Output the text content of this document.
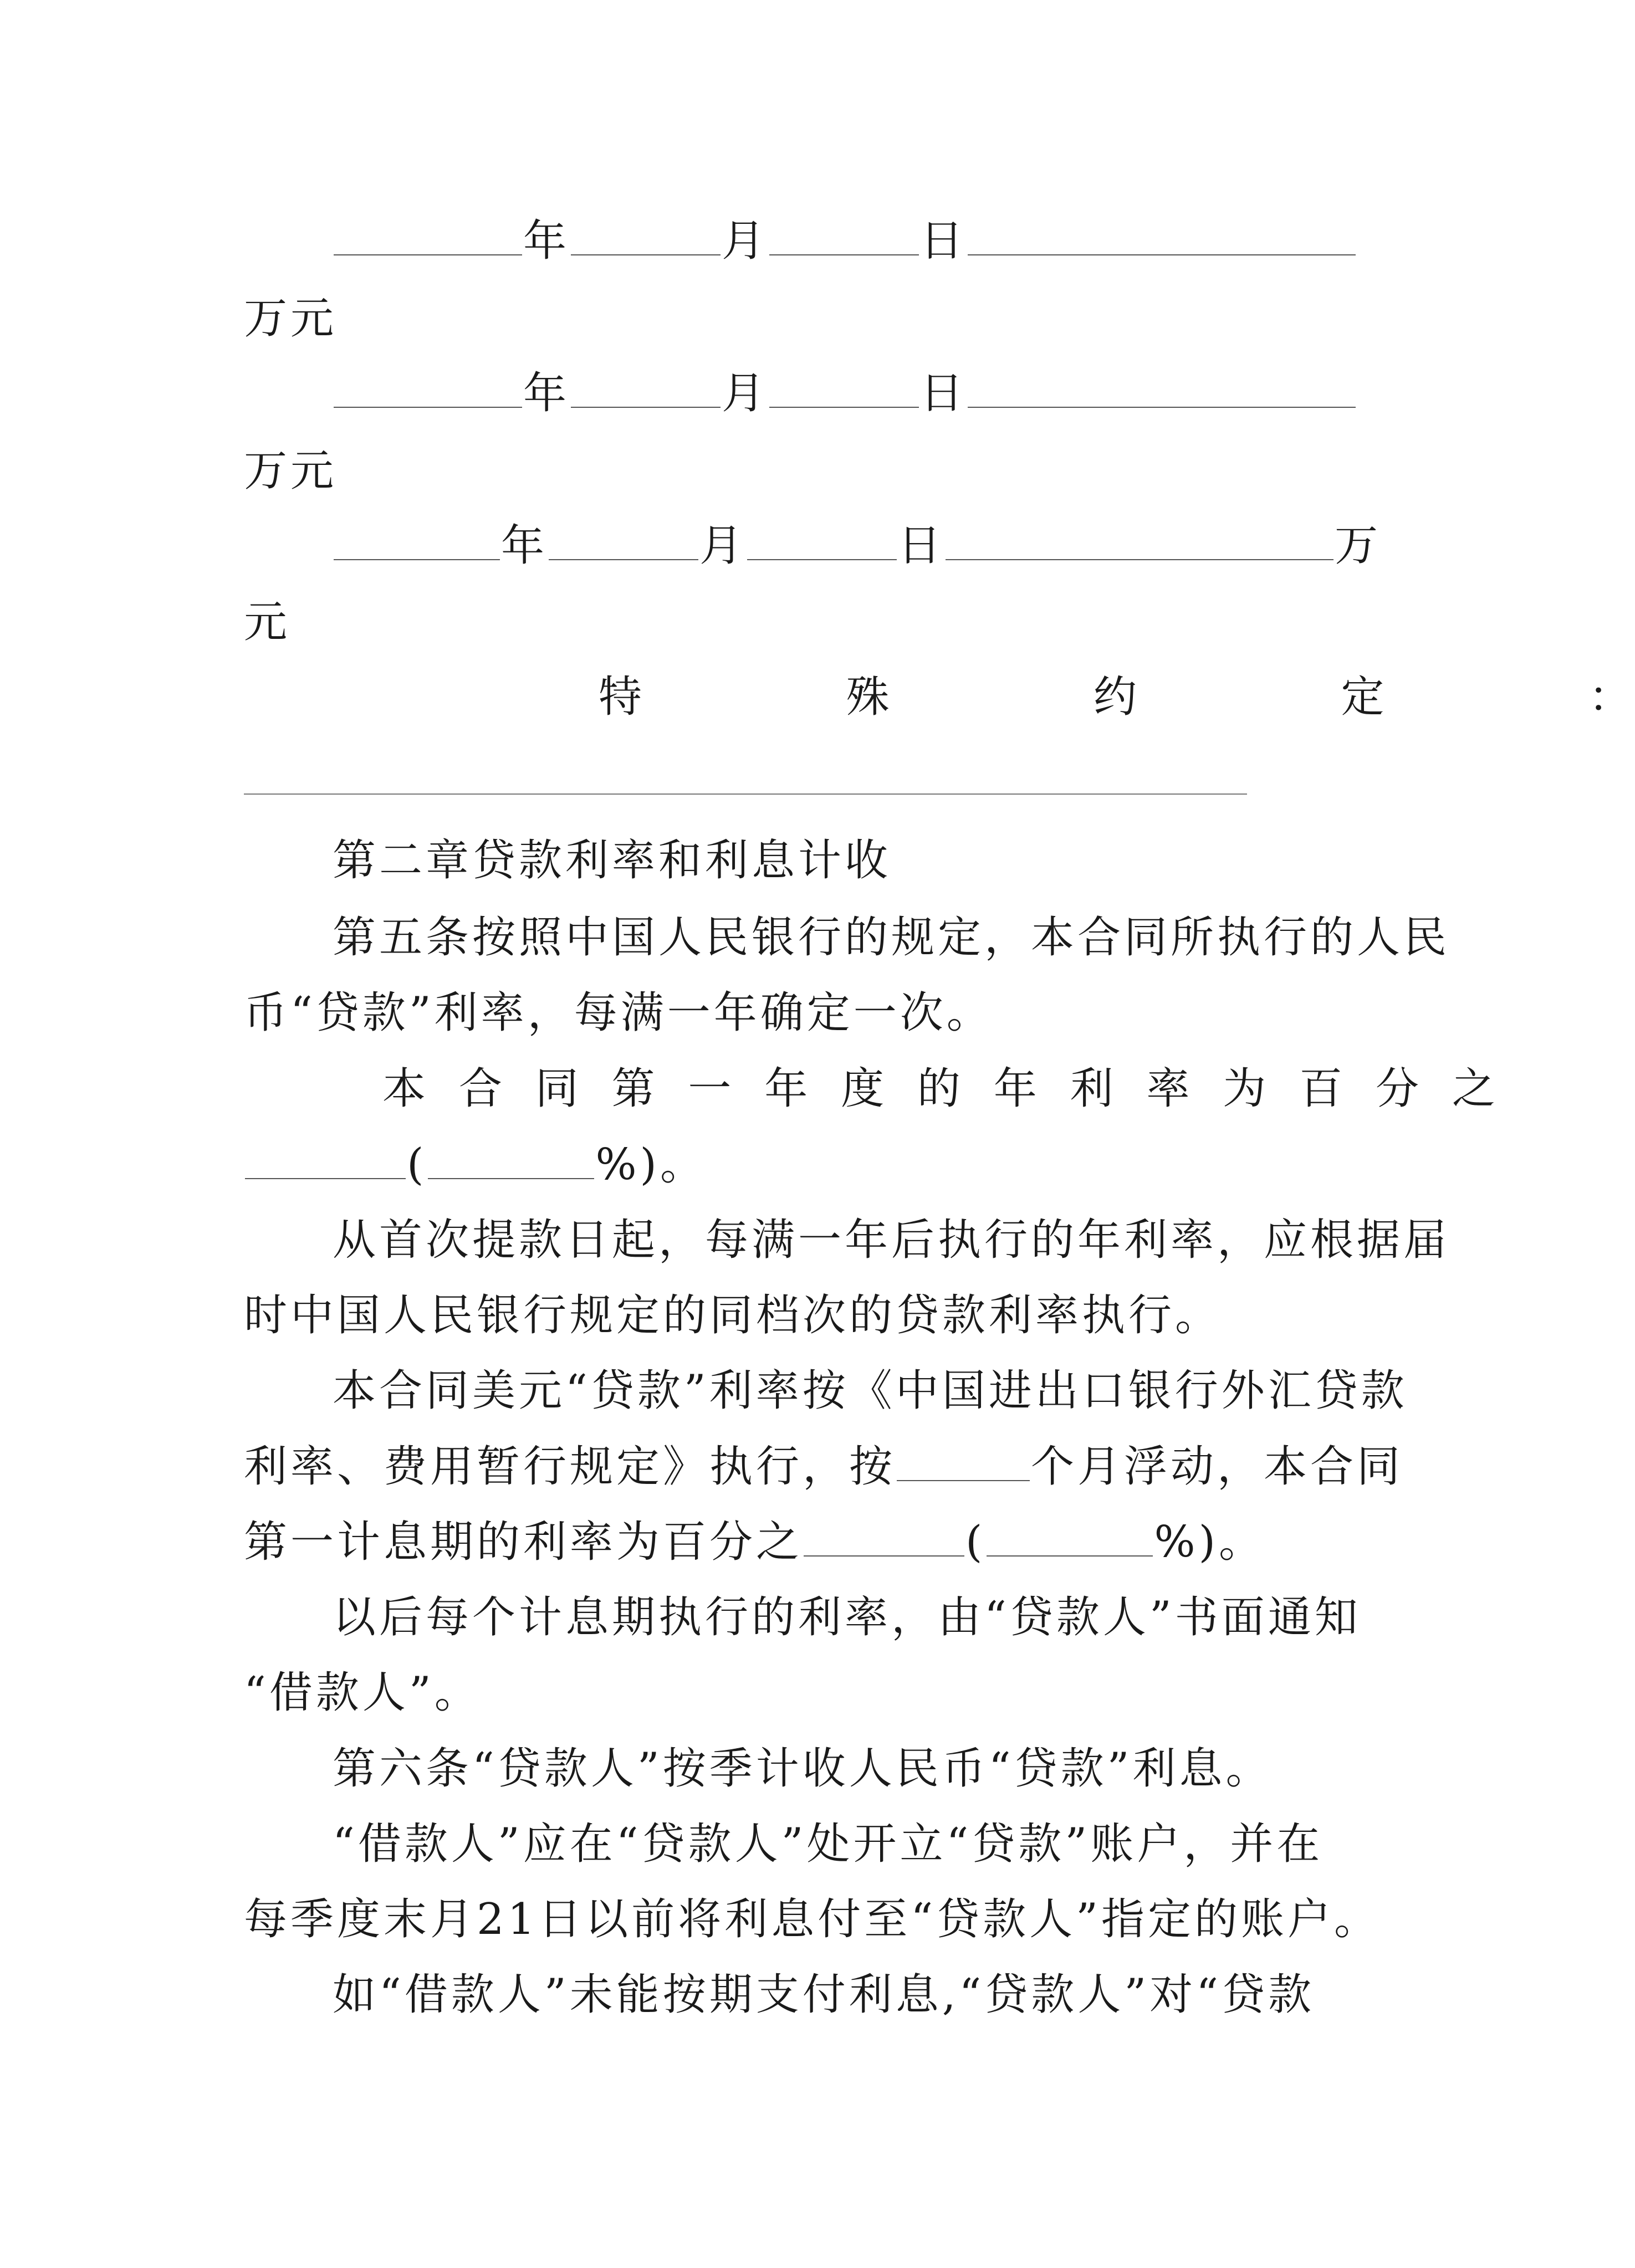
年	月	日
万元
年	月	日
万元
年	月	日	万
元
特	殊	约	定	：
第二章贷款利率和利息计收
第五条按照中国人民银行的规定，本合同所执行的人民
币“贷款”利率，每满一年确定一次。
本 合 同 第 一 年 度 的 年 利 率 为 百 分 之
(	%)。
从首次提款日起，每满一年后执行的年利率，应根据届
时中国人民银行规定的同档次的贷款利率执行。
本合同美元“贷款”利率按《中国进出口银行外汇贷款
利率、费用暂行规定》执行，按	个月浮动，本合同
第一计息期的利率为百分之	(	%)。
以后每个计息期执行的利率，由“贷款人”书面通知
“借款人”。
第六条“贷款人”按季计收人民币“贷款”利息。
“借款人”应在“贷款人”处开立“贷款”账户，并在
每季度末月21日以前将利息付至“贷款人”指定的账户。
如“借款人”未能按期支付利息,“贷款人”对“贷款
